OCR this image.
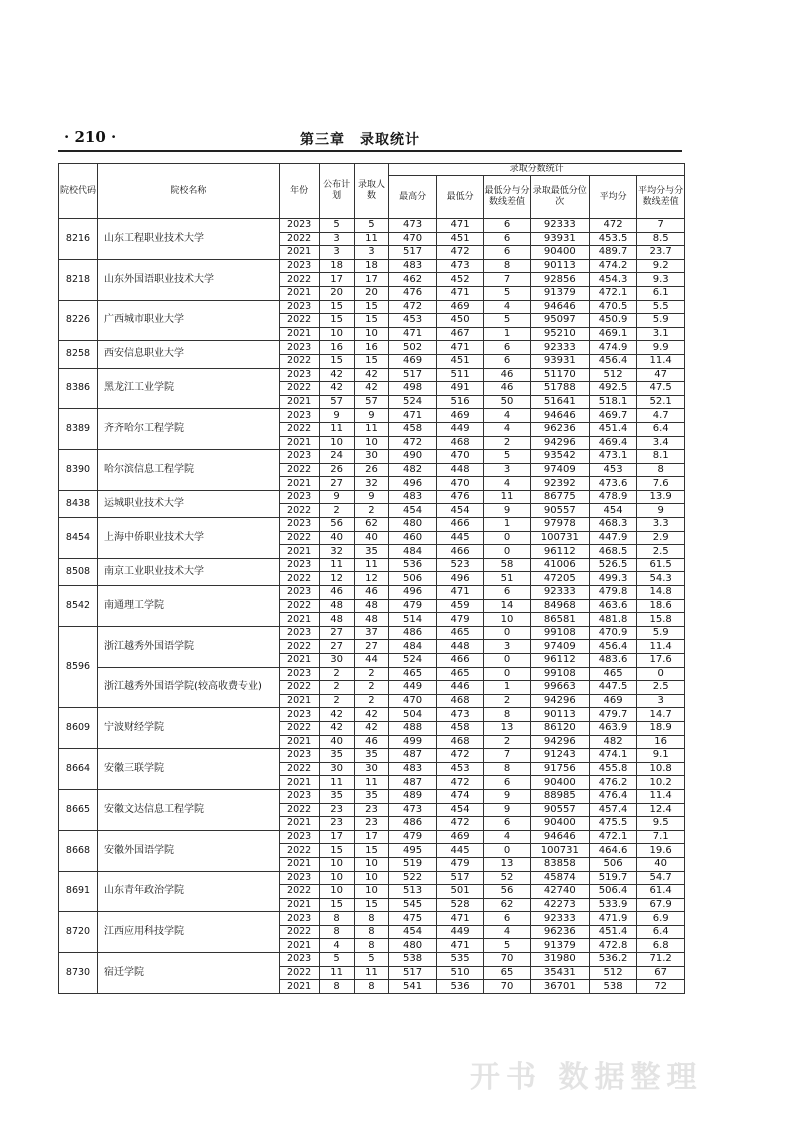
· 210 ·	第三章　录取统计
院校代码	院校名称	年份	公布计划	录取人数	录取分数统计					
					最高分	最低分	最低分与分数线差值	录取最低分位次	平均分	平均分与分数线差值
8216	山东工程职业技术大学	2023	5	5	473	471	6	92333	472	7
		2022	3	11	470	451	6	93931	453.5	8.5
		2021	3	3	517	472	6	90400	489.7	23.7
8218	山东外国语职业技术大学	2023	18	18	483	473	8	90113	474.2	9.2
		2022	17	17	462	452	7	92856	454.3	9.3
		2021	20	20	476	471	5	91379	472.1	6.1
8226	广西城市职业大学	2023	15	15	472	469	4	94646	470.5	5.5
		2022	15	15	453	450	5	95097	450.9	5.9
		2021	10	10	471	467	1	95210	469.1	3.1
8258	西安信息职业大学	2023	16	16	502	471	6	92333	474.9	9.9
		2022	15	15	469	451	6	93931	456.4	11.4
8386	黑龙江工业学院	2023	42	42	517	511	46	51170	512	47
		2022	42	42	498	491	46	51788	492.5	47.5
		2021	57	57	524	516	50	51641	518.1	52.1
8389	齐齐哈尔工程学院	2023	9	9	471	469	4	94646	469.7	4.7
		2022	11	11	458	449	4	96236	451.4	6.4
		2021	10	10	472	468	2	94296	469.4	3.4
8390	哈尔滨信息工程学院	2023	24	30	490	470	5	93542	473.1	8.1
		2022	26	26	482	448	3	97409	453	8
		2021	27	32	496	470	4	92392	473.6	7.6
8438	运城职业技术大学	2023	9	9	483	476	11	86775	478.9	13.9
		2022	2	2	454	454	9	90557	454	9
8454	上海中侨职业技术大学	2023	56	62	480	466	1	97978	468.3	3.3
		2022	40	40	460	445	0	100731	447.9	2.9
		2021	32	35	484	466	0	96112	468.5	2.5
8508	南京工业职业技术大学	2023	11	11	536	523	58	41006	526.5	61.5
		2022	12	12	506	496	51	47205	499.3	54.3
8542	南通理工学院	2023	46	46	496	471	6	92333	479.8	14.8
		2022	48	48	479	459	14	84968	463.6	18.6
		2021	48	48	514	479	10	86581	481.8	15.8
8596	浙江越秀外国语学院	2023	27	37	486	465	0	99108	470.9	5.9
		2022	27	27	484	448	3	97409	456.4	11.4
		2021	30	44	524	466	0	96112	483.6	17.6
	浙江越秀外国语学院(较高收费专业)	2023	2	2	465	465	0	99108	465	0
		2022	2	2	449	446	1	99663	447.5	2.5
		2021	2	2	470	468	2	94296	469	3
8609	宁波财经学院	2023	42	42	504	473	8	90113	479.7	14.7
		2022	42	42	488	458	13	86120	463.9	18.9
		2021	40	46	499	468	2	94296	482	16
8664	安徽三联学院	2023	35	35	487	472	7	91243	474.1	9.1
		2022	30	30	483	453	8	91756	455.8	10.8
		2021	11	11	487	472	6	90400	476.2	10.2
8665	安徽文达信息工程学院	2023	35	35	489	474	9	88985	476.4	11.4
		2022	23	23	473	454	9	90557	457.4	12.4
		2021	23	23	486	472	6	90400	475.5	9.5
8668	安徽外国语学院	2023	17	17	479	469	4	94646	472.1	7.1
		2022	15	15	495	445	0	100731	464.6	19.6
		2021	10	10	519	479	13	83858	506	40
8691	山东青年政治学院	2023	10	10	522	517	52	45874	519.7	54.7
		2022	10	10	513	501	56	42740	506.4	61.4
		2021	15	15	545	528	62	42273	533.9	67.9
8720	江西应用科技学院	2023	8	8	475	471	6	92333	471.9	6.9
		2022	8	8	454	449	4	96236	451.4	6.4
		2021	4	8	480	471	5	91379	472.8	6.8
8730	宿迁学院	2023	5	5	538	535	70	31980	536.2	71.2
		2022	11	11	517	510	65	35431	512	67
		2021	8	8	541	536	70	36701	538	72
开书 数据整理
